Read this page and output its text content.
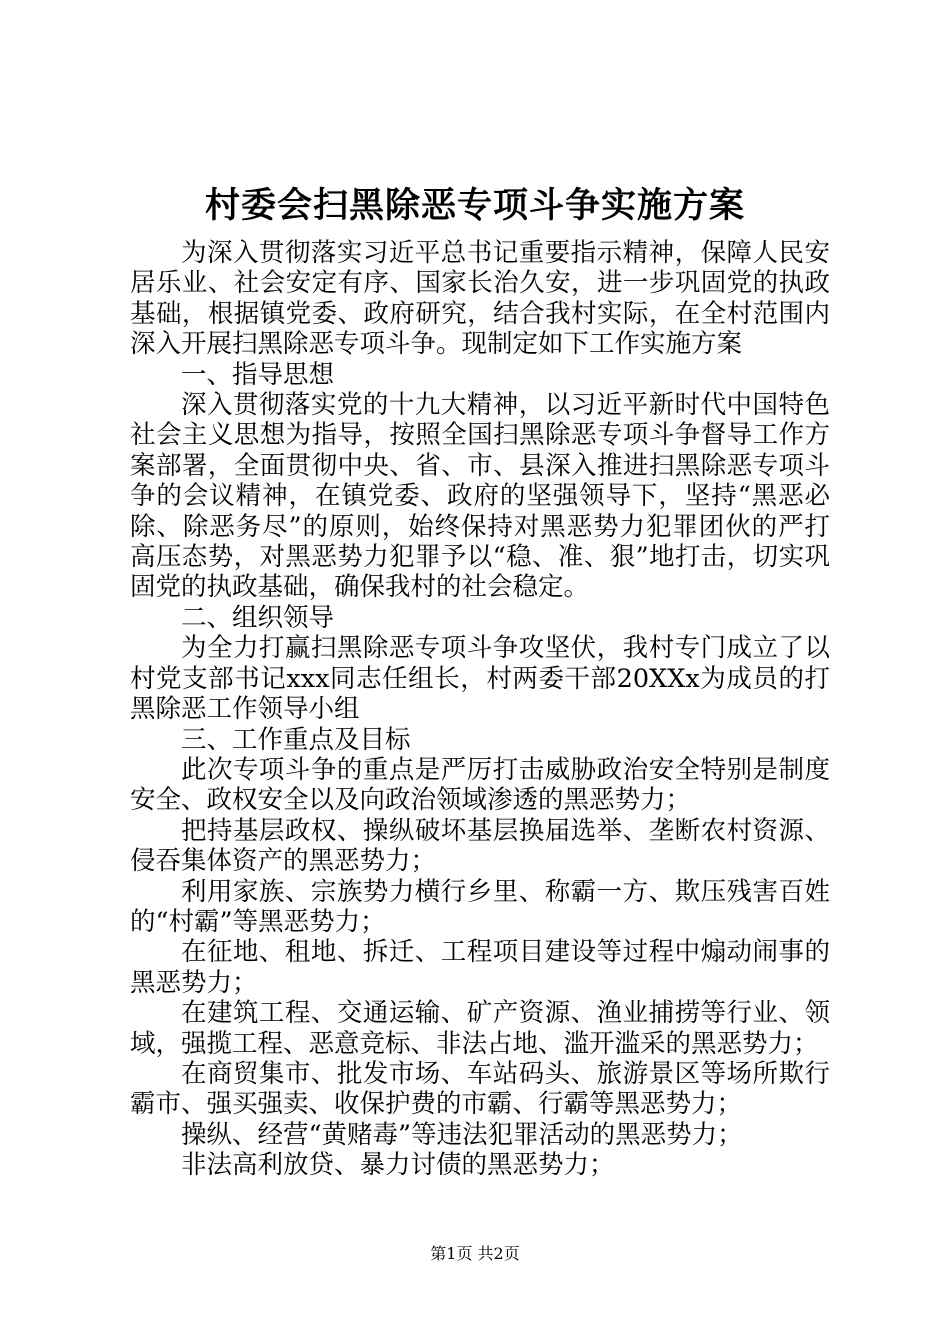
村委会扫黑除恶专项斗争实施方案

为深入贯彻落实习近平总书记重要指示精神，保障人民安居乐业、社会安定有序、国家长治久安，进一步巩固党的执政基础，根据镇党委、政府研究，结合我村实际，在全村范围内深入开展扫黑除恶专项斗争。现制定如下工作实施方案

一、指导思想

深入贯彻落实党的十九大精神，以习近平新时代中国特色社会主义思想为指导，按照全国扫黑除恶专项斗争督导工作方案部署，全面贯彻中央、省、市、县深入推进扫黑除恶专项斗争的会议精神，在镇党委、政府的坚强领导下，坚持“黑恶必除、除恶务尽”的原则，始终保持对黑恶势力犯罪团伙的严打高压态势，对黑恶势力犯罪予以“稳、准、狠”地打击，切实巩固党的执政基础，确保我村的社会稳定。

二、组织领导

为全力打赢扫黑除恶专项斗争攻坚伏，我村专门成立了以村党支部书记xxx同志任组长，村两委干部20XXx为成员的打黑除恶工作领导小组

三、工作重点及目标

此次专项斗争的重点是严厉打击威胁政治安全特别是制度安全、政权安全以及向政治领域渗透的黑恶势力；

把持基层政权、操纵破坏基层换届选举、垄断农村资源、侵吞集体资产的黑恶势力；

利用家族、宗族势力横行乡里、称霸一方、欺压残害百姓的“村霸”等黑恶势力；

在征地、租地、拆迁、工程项目建设等过程中煽动闹事的黑恶势力；

在建筑工程、交通运输、矿产资源、渔业捕捞等行业、领域，强揽工程、恶意竞标、非法占地、滥开滥采的黑恶势力；

在商贸集市、批发市场、车站码头、旅游景区等场所欺行霸市、强买强卖、收保护费的市霸、行霸等黑恶势力；

操纵、经营“黄赌毒”等违法犯罪活动的黑恶势力；

非法高利放贷、暴力讨债的黑恶势力；

第1页 共2页
